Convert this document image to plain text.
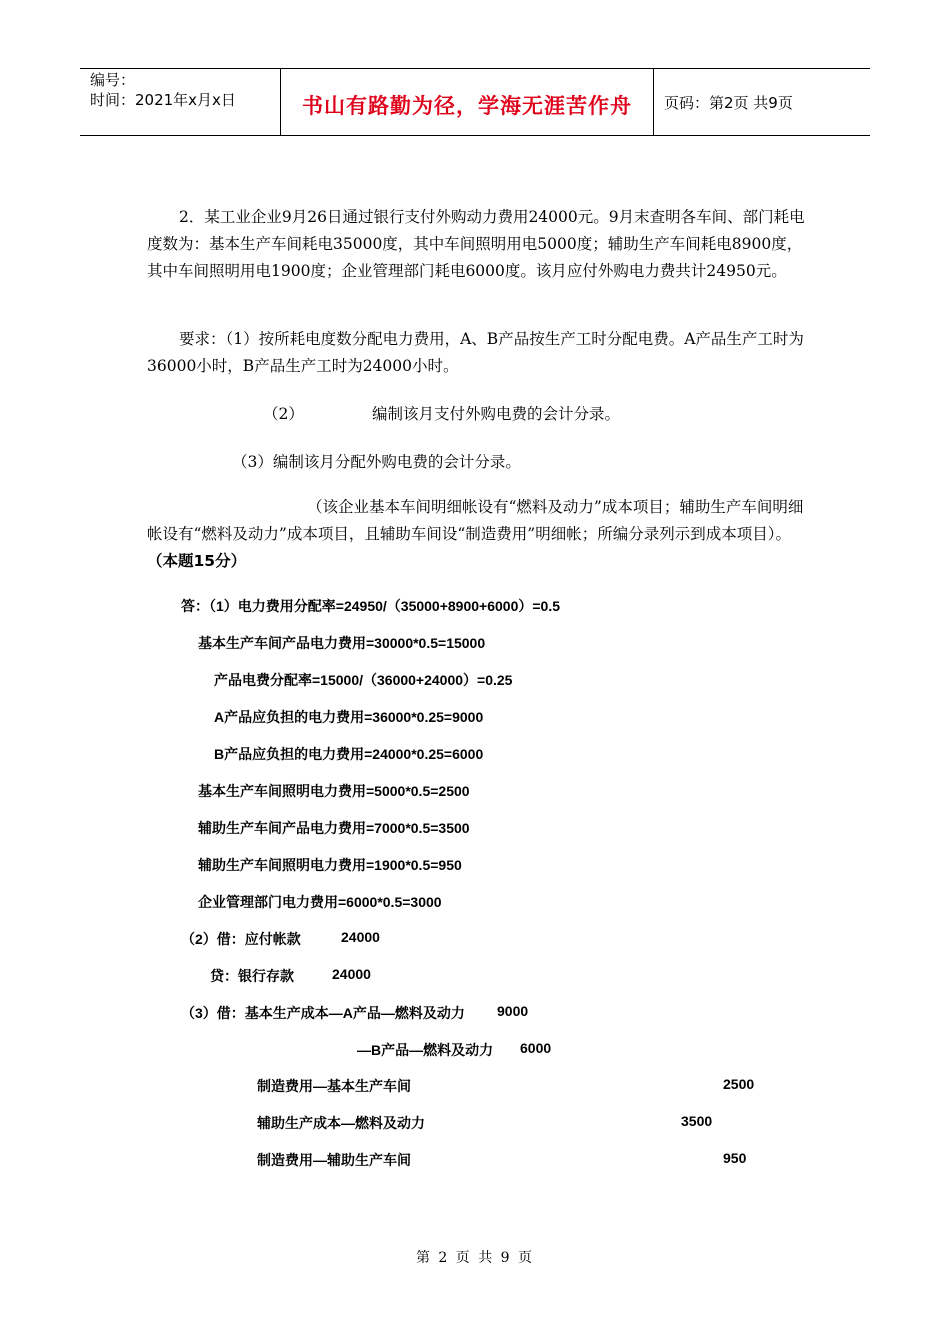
编号：
时间：2021年x月x日	书山有路勤为径，学海无涯苦作舟	页码：第2页 共9页
2．某工业企业9月26日通过银行支付外购动力费用24000元。9月末查明各车间、部门耗电度数为：基本生产车间耗电35000度，其中车间照明用电5000度；辅助生产车间耗电8900度，其中车间照明用电1900度；企业管理部门耗电6000度。该月应付外购电力费共计24950元。
要求：（1）按所耗电度数分配电力费用，A、B产品按生产工时分配电费。A产品生产工时为36000小时，B产品生产工时为24000小时。
（2）	编制该月支付外购电费的会计分录。
（3）编制该月分配外购电费的会计分录。
（该企业基本车间明细帐设有“燃料及动力”成本项目；辅助生产车间明细帐设有“燃料及动力”成本项目，且辅助车间设“制造费用”明细帐；所编分录列示到成本项目）。（本题15分）
答：（1）电力费用分配率=24950/（35000+8900+6000）=0.5
基本生产车间产品电力费用=30000*0.5=15000
产品电费分配率=15000/（36000+24000）=0.25
A产品应负担的电力费用=36000*0.25=9000
B产品应负担的电力费用=24000*0.25=6000
基本生产车间照明电力费用=5000*0.5=2500
辅助生产车间产品电力费用=7000*0.5=3500
辅助生产车间照明电力费用=1900*0.5=950
企业管理部门电力费用=6000*0.5=3000
（2）借：应付帐款	24000
贷：银行存款	24000
（3）借：基本生产成本—A产品—燃料及动力 9000
—B产品—燃料及动力 6000
制造费用—基本生产车间	2500
辅助生产成本—燃料及动力	3500
制造费用—辅助生产车间	950
第 2 页 共 9 页
